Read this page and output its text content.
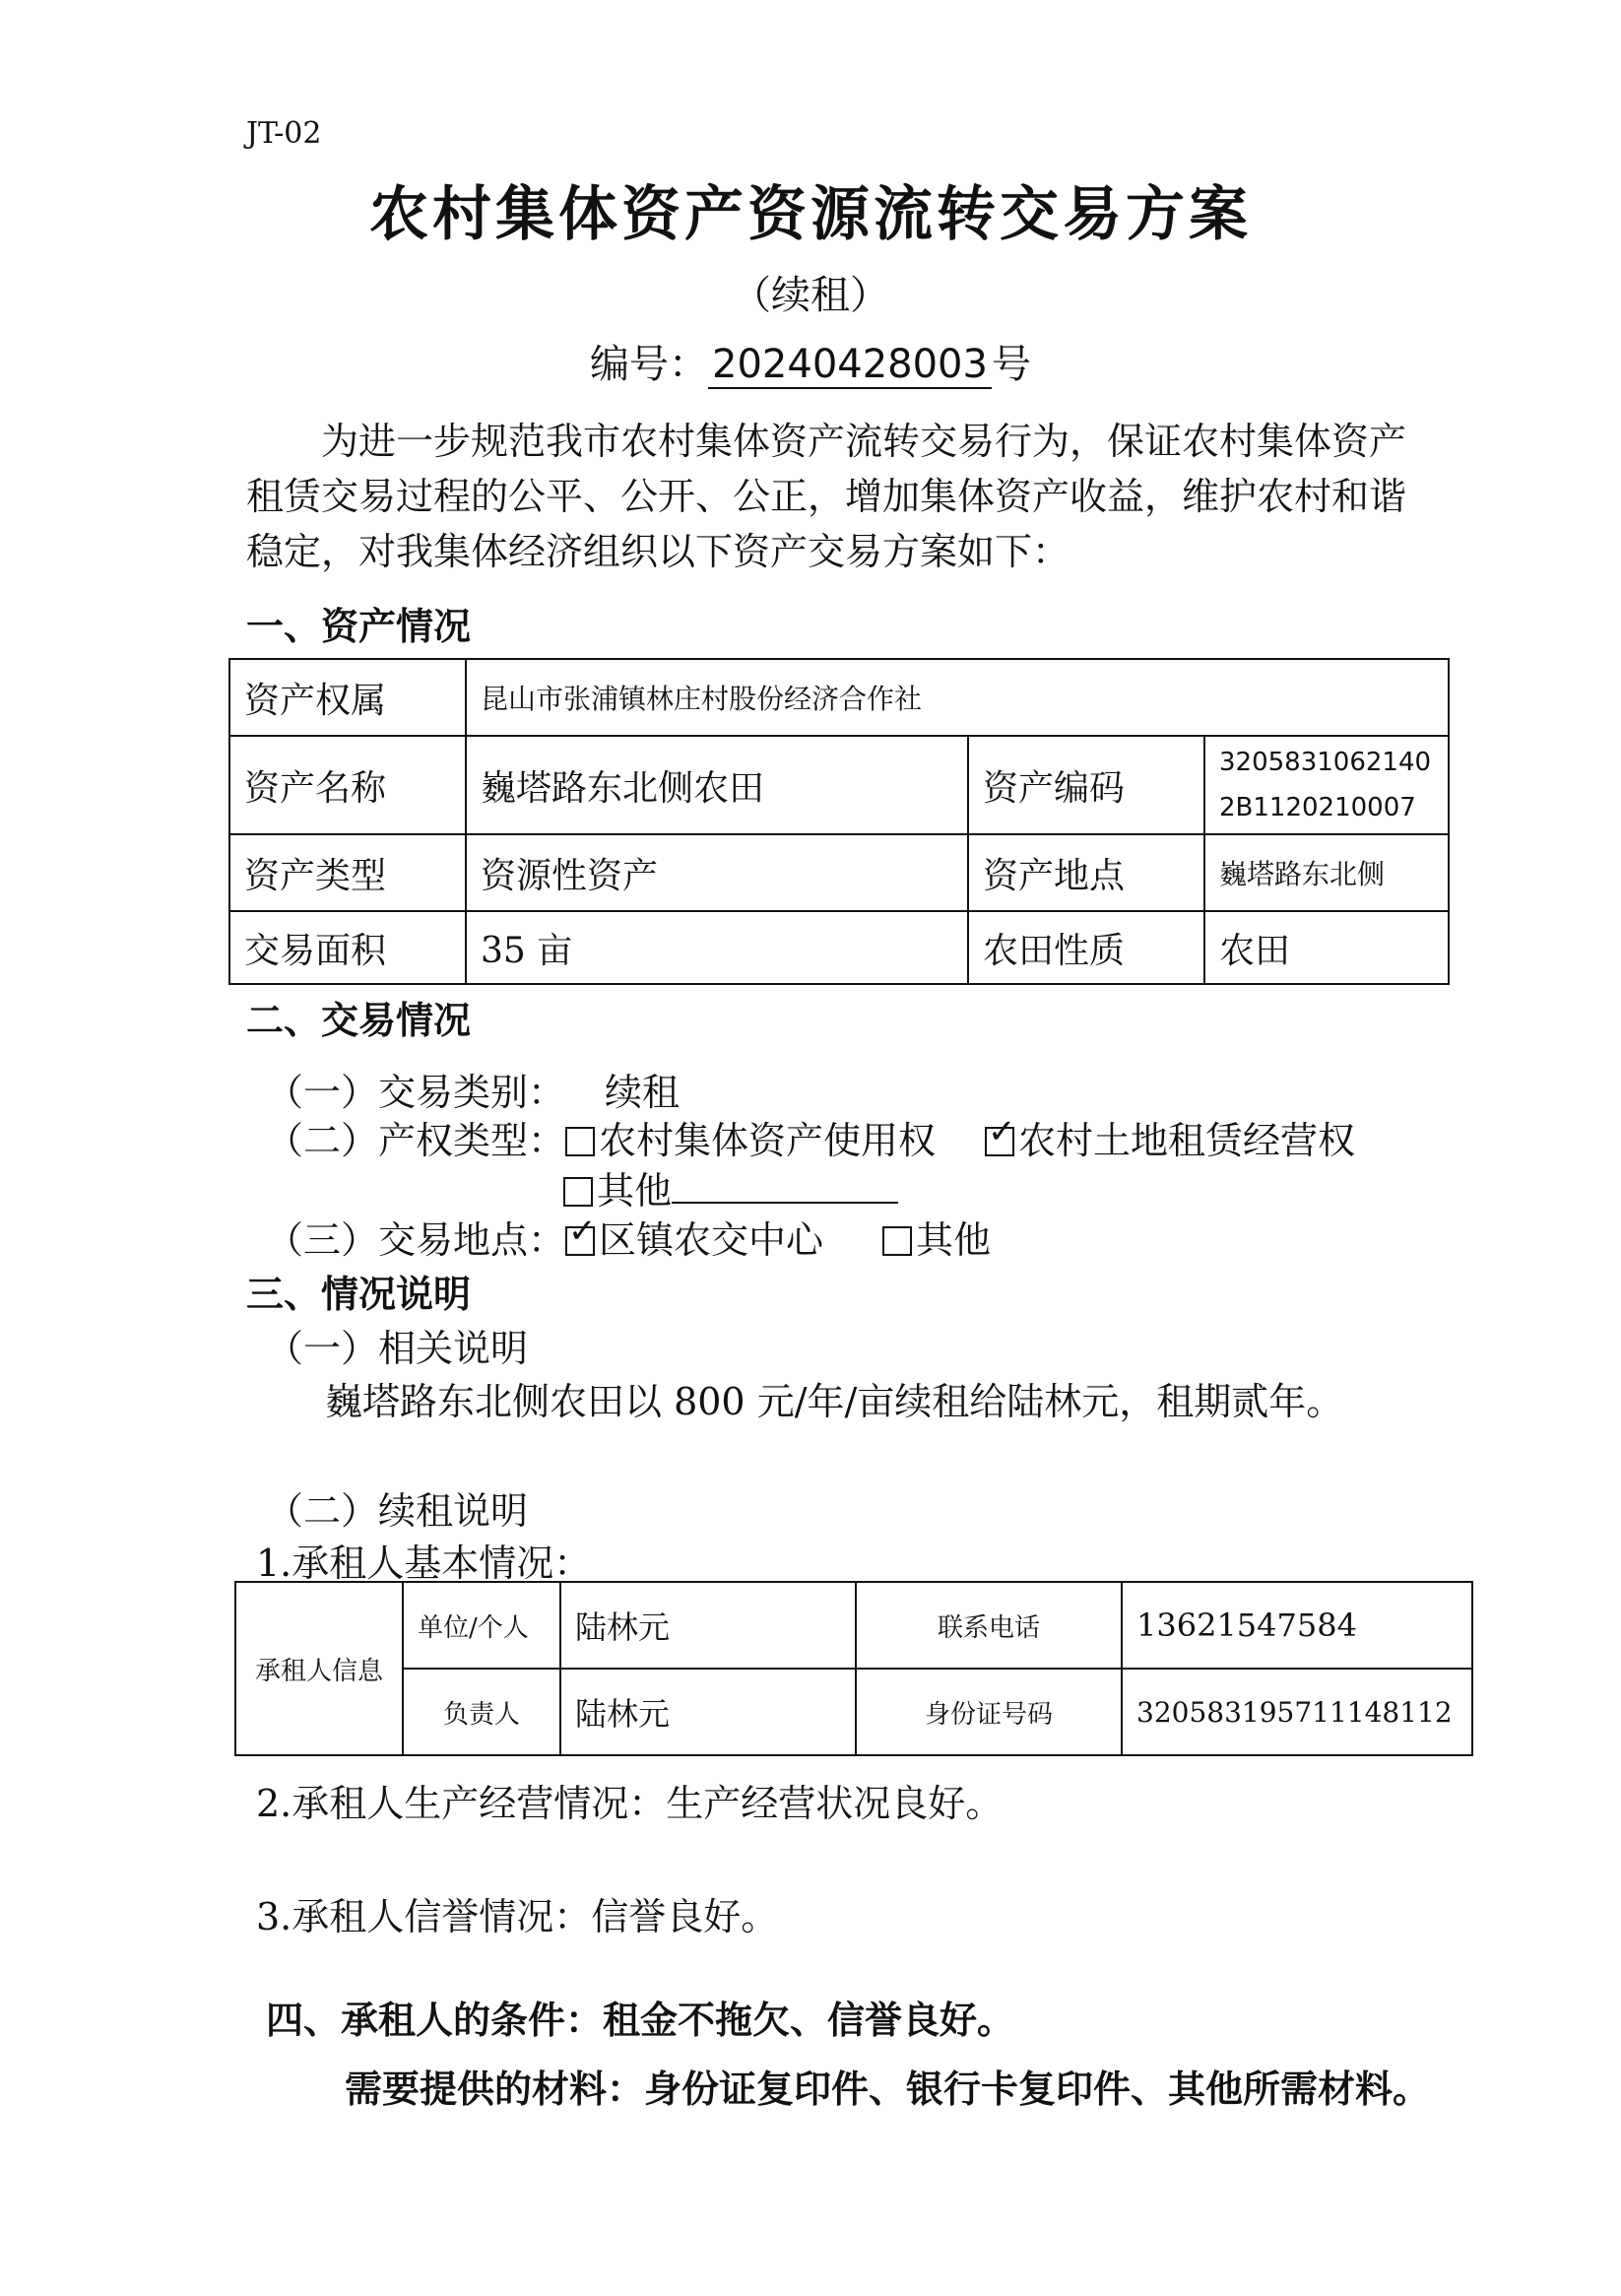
JT-02
农村集体资产资源流转交易方案
（续租）
编号： 20240428003 号
为进一步规范我市农村集体资产流转交易行为，保证农村集体资产租赁交易过程的公平、公开、公正，增加集体资产收益，维护农村和谐稳定，对我集体经济组织以下资产交易方案如下：
一、资产情况
资产权属	昆山市张浦镇林庄村股份经济合作社		
资产名称	巍塔路东北侧农田	资产编码	3205831062140
2B1120210007

资产类型	资源性资产	资产地点	巍塔路东北侧
交易面积	35 亩	农田性质	农田
二、交易情况
（一）交易类别： 续租
（二）产权类型： 农村集体资产使用权 ✓ 农村土地租赁经营权
其他
（三）交易地点： ✓ 区镇农交中心 其他
三、情况说明
（一）相关说明
巍塔路东北侧农田以 800 元/年/亩续租给陆林元，租期贰年。
（二）续租说明
1.承租人基本情况：
承租人信息	单位/个人	陆林元	联系电话	13621547584
	负责人	陆林元	身份证号码	320583195711148112
2.承租人生产经营情况：生产经营状况良好。
3.承租人信誉情况：信誉良好。
四、承租人的条件：租金不拖欠、信誉良好。
需要提供的材料：身份证复印件、银行卡复印件、其他所需材料。
